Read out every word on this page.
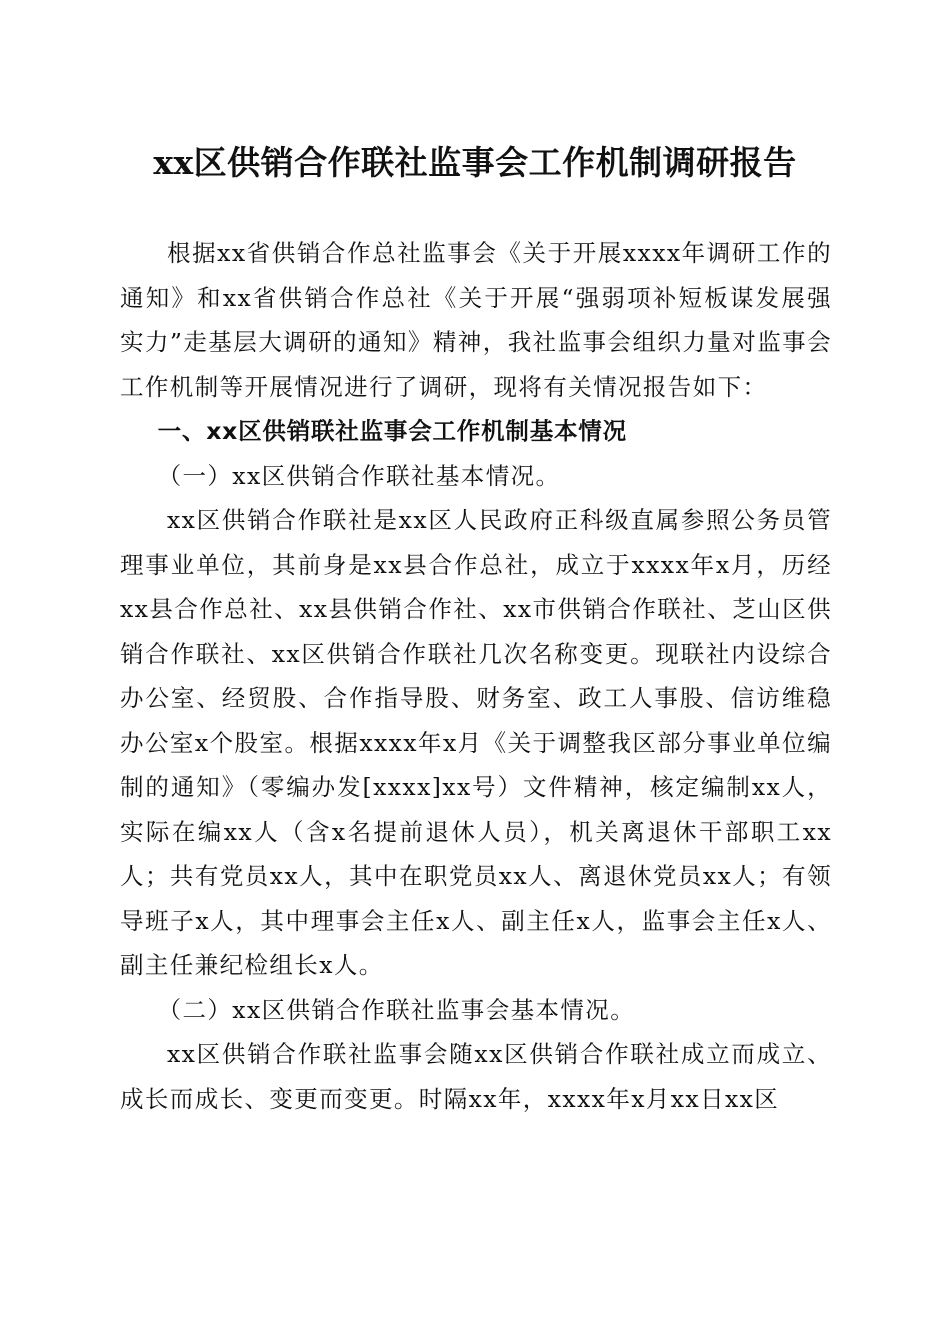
xx区供销合作联社监事会工作机制调研报告

根据xx省供销合作总社监事会《关于开展xxxx年调研工作的通知》和xx省供销合作总社《关于开展“强弱项补短板谋发展强实力”走基层大调研的通知》精神，我社监事会组织力量对监事会工作机制等开展情况进行了调研，现将有关情况报告如下：

一、xx区供销联社监事会工作机制基本情况
（一）xx区供销合作联社基本情况。

xx区供销合作联社是xx区人民政府正科级直属参照公务员管理事业单位，其前身是xx县合作总社，成立于xxxx年x月，历经xx县合作总社、xx县供销合作社、xx市供销合作联社、芝山区供销合作联社、xx区供销合作联社几次名称变更。现联社内设综合办公室、经贸股、合作指导股、财务室、政工人事股、信访维稳办公室x个股室。根据xxxx年x月《关于调整我区部分事业单位编制的通知》（零编办发[xxxx]xx号）文件精神，核定编制xx人，实际在编xx人（含x名提前退休人员），机关离退休干部职工xx人；共有党员xx人，其中在职党员xx人、离退休党员xx人；有领导班子x人，其中理事会主任x人、副主任x人，监事会主任x人、副主任兼纪检组长x人。

（二）xx区供销合作联社监事会基本情况。

xx区供销合作联社监事会随xx区供销合作联社成立而成立、成长而成长、变更而变更。时隔xx年，xxxx年x月xx日xx区
